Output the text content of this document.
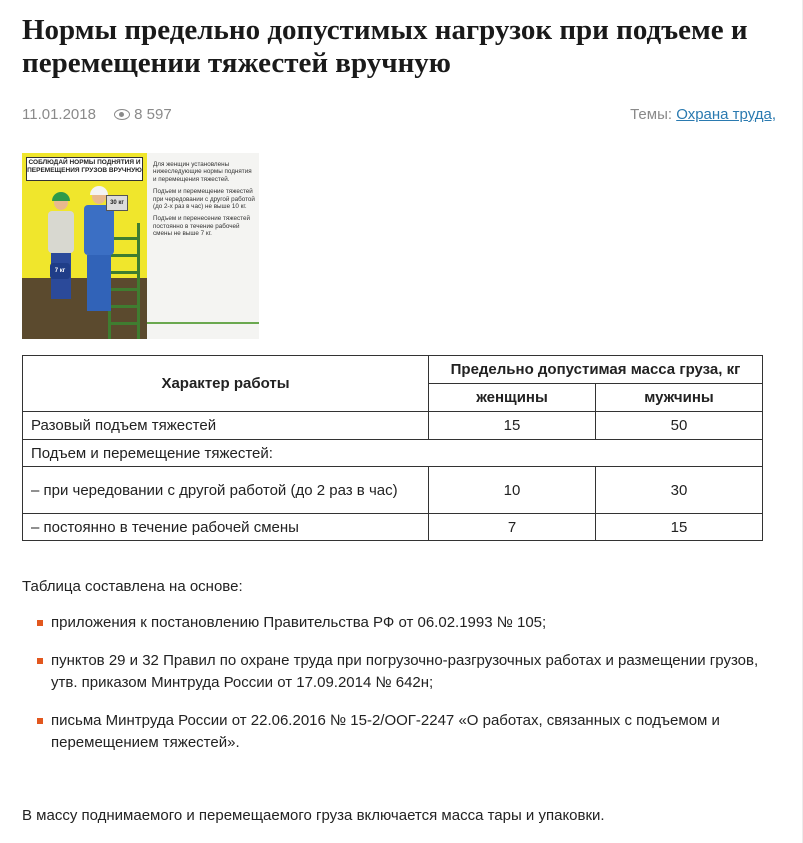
Нормы предельно допустимых нагрузок при подъеме и перемещении тяжестей вручную
11.01.2018	8 597	Темы: Охрана труда,
СОБЛЮДАЙ НОРМЫ ПОДНЯТИЯ И ПЕРЕМЕЩЕНИЯ ГРУЗОВ ВРУЧНУЮ
30 кг
7 кг

Для женщин установлены нижеследующие нормы поднятия и перемещения тяжестей.

Подъем и перемещение тяжестей при чередовании с другой работой (до 2-х раз в час) не выше 10 кг.

Подъем и перенесение тяжестей постоянно в течение рабочей смены не выше 7 кг.

Характер работы	Предельно допустимая масса груза, кг	
	женщины	мужчины
Разовый подъем тяжестей	15	50
Подъем и перемещение тяжестей:		
– при чередовании с другой работой (до 2 раз в час)	10	30
– постоянно в течение рабочей смены	7	15
Таблица составлена на основе:
приложения к постановлению Правительства РФ от 06.02.1993 № 105;
пунктов 29 и 32 Правил по охране труда при погрузочно-разгрузочных работах и размещении грузов, утв. приказом Минтруда России от 17.09.2014 № 642н;
письма Минтруда России от 22.06.2016 № 15-2/ООГ-2247 «О работах, связанных с подъемом и перемещением тяжестей».
В массу поднимаемого и перемещаемого груза включается масса тары и упаковки.
